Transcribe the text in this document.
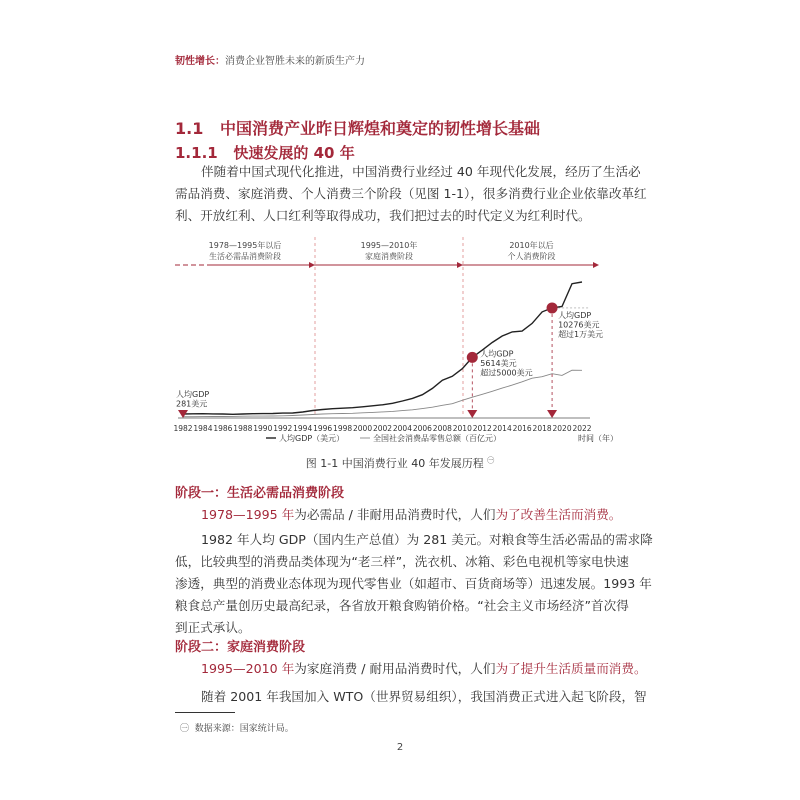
韧性增长：消费企业智胜未来的新质生产力
1.1   中国消费产业昨日辉煌和奠定的韧性增长基础
1.1.1   快速发展的 40 年
伴随着中国式现代化推进，中国消费行业经过 40 年现代化发展，经历了生活必
需品消费、家庭消费、个人消费三个阶段（见图 1-1），很多消费行业企业依靠改革红
利、开放红利、人口红利等取得成功，我们把过去的时代定义为红利时代。
1978—1995年以后
生活必需品消费阶段
1995—2010年
家庭消费阶段
2010年以后
个人消费阶段
1982 1984 1986 1988 1990 1992 1994 1996 1998 2000 2002 2004 2006 2008 2010 2012 2014 2016 2018 2020 2022
人均GDP
281美元
人均GDP
5614美元
超过5000美元
人均GDP
10276美元
超过1万美元
人均GDP（美元）	全国社会消费品零售总额（百亿元）	时间（年）
图 1-1 中国消费行业 40 年发展历程 $^㊀$
阶段一：生活必需品消费阶段
1978—1995 年为必需品 / 非耐用品消费时代，人们为了改善生活而消费。
1982 年人均 GDP（国内生产总值）为 281 美元。对粮食等生活必需品的需求降
低，比较典型的消费品类体现为“老三样”，洗衣机、冰箱、彩色电视机等家电快速
渗透，典型的消费业态体现为现代零售业（如超市、百货商场等）迅速发展。1993 年
粮食总产量创历史最高纪录，各省放开粮食购销价格。“社会主义市场经济”首次得
到正式承认。
阶段二：家庭消费阶段
1995—2010 年为家庭消费 / 耐用品消费时代，人们为了提升生活质量而消费。
随着 2001 年我国加入 WTO（世界贸易组织），我国消费正式进入起飞阶段，智
㊀ 数据来源：国家统计局。
2
